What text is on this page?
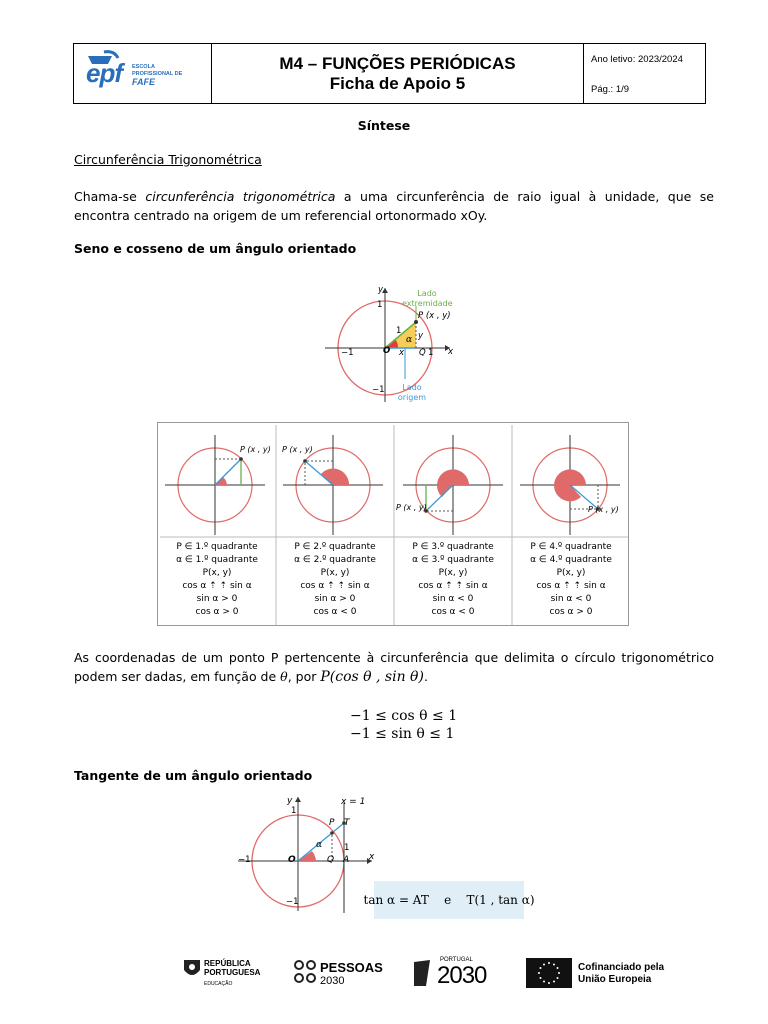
epf ESCOLA
PROFISSIONAL DE
FAFE
M4 – FUNÇÕES PERIÓDICAS
Ficha de Apoio 5
Ano letivo: 2023/2024
Pág.: 1/9
Síntese
Circunferência Trigonométrica
Chama-se circunferência trigonométrica a uma circunferência de raio igual à unidade, que se encontra centrado na origem de um referencial ortonormado xOy.
Seno e cosseno de um ângulo orientado
Lado
extremidade
Lado
origem
P (x , y)
y
x
O x Q
y
α
1
1
1
−1
−1
P (x , y) P (x , y)
P (x , y)	P (x , y)
P ∈ 1.º quadrante
α ∈ 1.º quadrante
P(x, y)
cos α ⇡ ⇡ sin α
sin α > 0
cos α > 0
P ∈ 2.º quadrante
α ∈ 2.º quadrante
P(x, y)
cos α ⇡ ⇡ sin α
sin α > 0
cos α < 0
P ∈ 3.º quadrante
α ∈ 3.º quadrante
P(x, y)
cos α ⇡ ⇡ sin α
sin α < 0
cos α < 0
P ∈ 4.º quadrante
α ∈ 4.º quadrante
P(x, y)
cos α ⇡ ⇡ sin α
sin α < 0
cos α > 0
As coordenadas de um ponto P pertencente à circunferência que delimita o círculo trigonométrico podem ser dadas, em função de θ, por P(cos θ , sin θ).
−1 ≤ cos θ ≤ 1
−1 ≤ sin θ ≤ 1
Tangente de um ângulo orientado
x = 1
P T
O	Q A
y
x
1
1
−1
−1
α
tan α = AT    e    T(1 , tan α)
REPÚBLICA
PORTUGUESA
EDUCAÇÃO
PESSOAS
2030
PORTUGAL
2030	Cofinanciado pela
União Europeia
